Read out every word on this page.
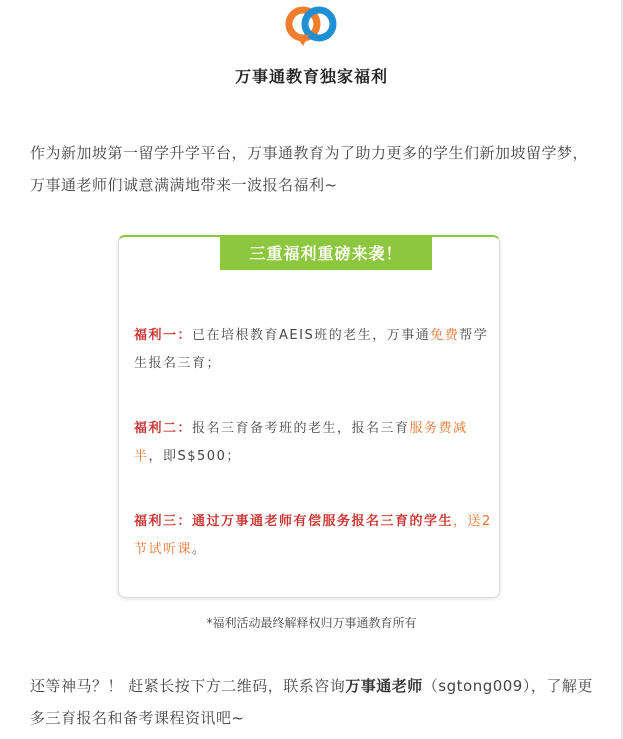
万事通教育独家福利
作为新加坡第一留学升学平台，万事通教育为了助力更多的学生们新加坡留学梦，万事通老师们诚意满满地带来一波报名福利~
三重福利重磅来袭！
福利一：已在培根教育AEIS班的老生，万事通免费帮学生报名三育；
福利二：报名三育备考班的老生，报名三育服务费减半，即S$500；
福利三：通过万事通老师有偿服务报名三育的学生，送2节试听课。
*福利活动最终解释权归万事通教育所有
还等神马？！ 赶紧长按下方二维码，联系咨询万事通老师（sgtong009），了解更多三育报名和备考课程资讯吧~
